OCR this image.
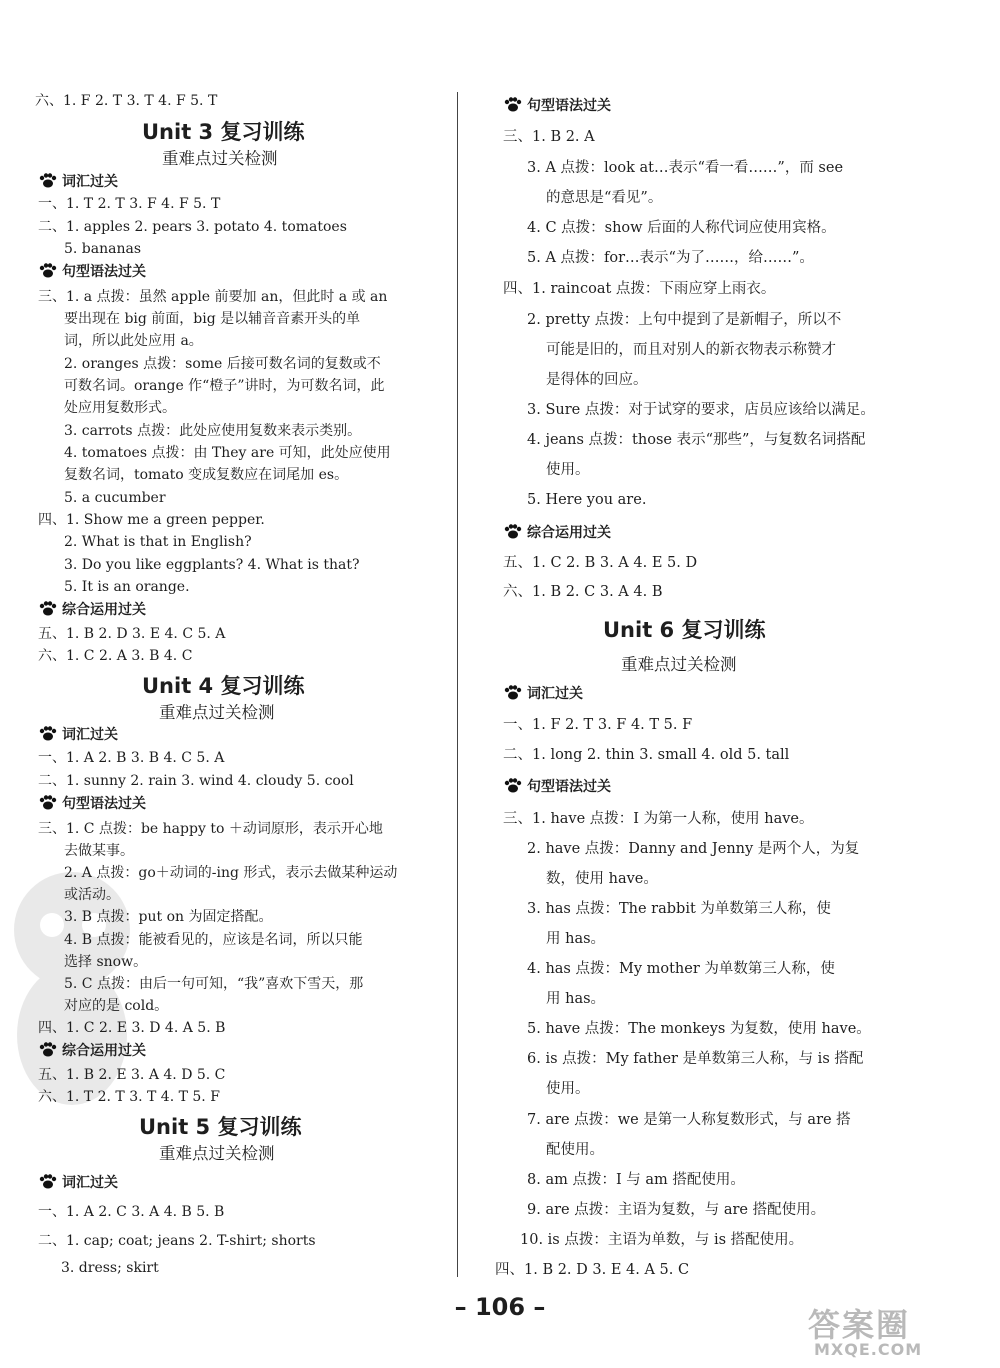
六、1. F 2. T 3. T 4. F 5. T
Unit 3 复习训练
重难点过关检测
词汇过关
一、1. T 2. T 3. F 4. F 5. T
二、1. apples 2. pears 3. potato 4. tomatoes
5. bananas
句型语法过关
三、1. a 点拨：虽然 apple 前要加 an，但此时 a 或 an
要出现在 big 前面，big 是以辅音音素开头的单
词，所以此处应用 a。
2. oranges 点拨：some 后接可数名词的复数或不
可数名词。orange 作“橙子”讲时，为可数名词，此
处应用复数形式。
3. carrots 点拨：此处应使用复数来表示类别。
4. tomatoes 点拨：由 They are 可知，此处应使用
复数名词，tomato 变成复数应在词尾加 es。
5. a cucumber
四、1. Show me a green pepper.
2. What is that in English?
3. Do you like eggplants? 4. What is that?
5. It is an orange.
综合运用过关
五、1. B 2. D 3. E 4. C 5. A
六、1. C 2. A 3. B 4. C
Unit 4 复习训练
重难点过关检测
词汇过关
一、1. A 2. B 3. B 4. C 5. A
二、1. sunny 2. rain 3. wind 4. cloudy 5. cool
句型语法过关
三、1. C 点拨：be happy to ＋动词原形，表示开心地
去做某事。
2. A 点拨：go＋动词的-ing 形式，表示去做某种运动
或活动。
3. B 点拨：put on 为固定搭配。
4. B 点拨：能被看见的，应该是名词，所以只能
选择 snow。
5. C 点拨：由后一句可知，“我”喜欢下雪天，那
对应的是 cold。
四、1. C 2. E 3. D 4. A 5. B
综合运用过关
五、1. B 2. E 3. A 4. D 5. C
六、1. T 2. T 3. T 4. T 5. F
Unit 5 复习训练
重难点过关检测
词汇过关
一、1. A 2. C 3. A 4. B 5. B
二、1. cap; coat; jeans 2. T-shirt; shorts
3. dress; skirt
句型语法过关
三、1. B 2. A
3. A 点拨：look at…表示“看一看……”，而 see
的意思是“看见”。
4. C 点拨：show 后面的人称代词应使用宾格。
5. A 点拨：for…表示“为了……，给……”。
四、1. raincoat 点拨：下雨应穿上雨衣。
2. pretty 点拨：上句中提到了是新帽子，所以不
可能是旧的，而且对别人的新衣物表示称赞才
是得体的回应。
3. Sure 点拨：对于试穿的要求，店员应该给以满足。
4. jeans 点拨：those 表示“那些”，与复数名词搭配
使用。
5. Here you are.
综合运用过关
五、1. C 2. B 3. A 4. E 5. D
六、1. B 2. C 3. A 4. B
Unit 6 复习训练
重难点过关检测
词汇过关
一、1. F 2. T 3. F 4. T 5. F
二、1. long 2. thin 3. small 4. old 5. tall
句型语法过关
三、1. have 点拨：I 为第一人称，使用 have。
2. have 点拨：Danny and Jenny 是两个人，为复
数，使用 have。
3. has 点拨：The rabbit 为单数第三人称，使
用 has。
4. has 点拨：My mother 为单数第三人称，使
用 has。
5. have 点拨：The monkeys 为复数，使用 have。
6. is 点拨：My father 是单数第三人称，与 is 搭配
使用。
7. are 点拨：we 是第一人称复数形式，与 are 搭
配使用。
8. am 点拨：I 与 am 搭配使用。
9. are 点拨：主语为复数，与 are 搭配使用。
10. is 点拨：主语为单数，与 is 搭配使用。
四、1. B 2. D 3. E 4. A 5. C
– 106 –	答案圈
MXQE.COM
